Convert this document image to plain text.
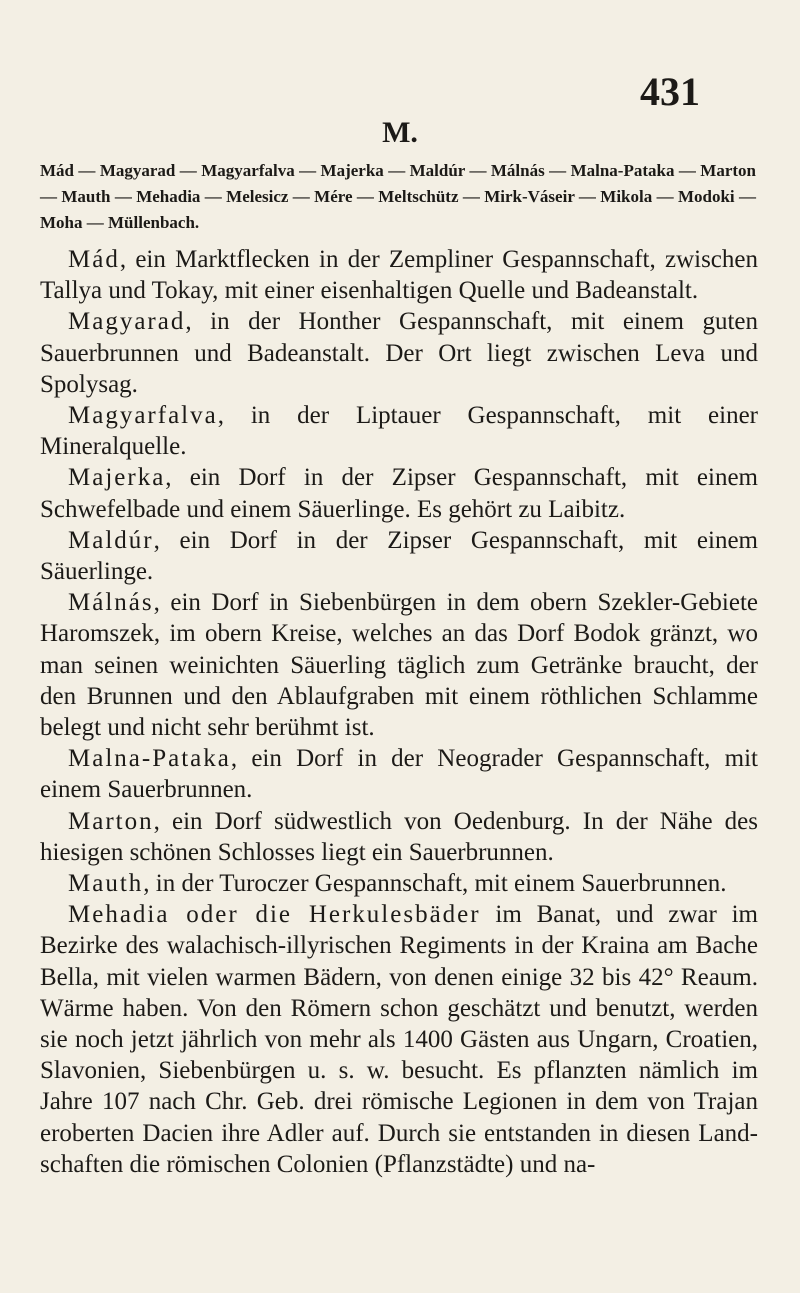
431
M.
Mád — Magyarad — Magyarfalva — Majerka — Maldúr — Málnás — Malna-Pataka — Marton — Mauth — Mehadia — Melesicz — Mére — Meltschütz — Mirk-Váseir — Mikola — Modoki — Moha — Müllenbach.

Mád, ein Marktflecken in der Zempliner Gespannschaft, zwischen Tallya und Tokay, mit einer eisenhaltigen Quelle und Badeanstalt.

Magyarad, in der Honther Gespannschaft, mit einem guten Sauerbrunnen und Badeanstalt. Der Ort liegt zwischen Leva und Spolysag.

Magyarfalva, in der Liptauer Gespannschaft, mit einer Mineralquelle.

Majerka, ein Dorf in der Zipser Gespannschaft, mit einem Schwefelbade und einem Säuerlinge. Es gehört zu Laibitz.

Maldúr, ein Dorf in der Zipser Gespannschaft, mit einem Säuerlinge.

Málnás, ein Dorf in Siebenbürgen in dem obern Szekler-Gebiete Haromszek, im obern Kreise, welches an das Dorf Bodok gränzt, wo man seinen weinichten Säuerling täglich zum Getränke braucht, der den Brunnen und den Ablaufgraben mit einem röthlichen Schlamme belegt und nicht sehr berühmt ist.

Malna-Pataka, ein Dorf in der Neograder Gespannschaft, mit einem Sauerbrunnen.

Marton, ein Dorf südwestlich von Oedenburg. In der Nähe des hiesigen schönen Schlosses liegt ein Sauerbrunnen.

Mauth, in der Turoczer Gespannschaft, mit einem Sauerbrunnen.

Mehadia oder die Herkulesbäder im Banat, und zwar im Bezirke des walachisch-illyrischen Regiments in der Kraina am Bache Bella, mit vielen warmen Bädern, von denen einige 32 bis 42° Reaum. Wärme haben. Von den Römern schon geschätzt und benutzt, werden sie noch jetzt jährlich von mehr als 1400 Gästen aus Ungarn, Croatien, Slavonien, Siebenbürgen u. s. w. besucht. Es pflanzten nämlich im Jahre 107 nach Chr. Geb. drei römische Legionen in dem von Trajan eroberten Dacien ihre Adler auf. Durch sie entstanden in diesen Landschaften die römischen Colonien (Pflanzstädte) und na-
